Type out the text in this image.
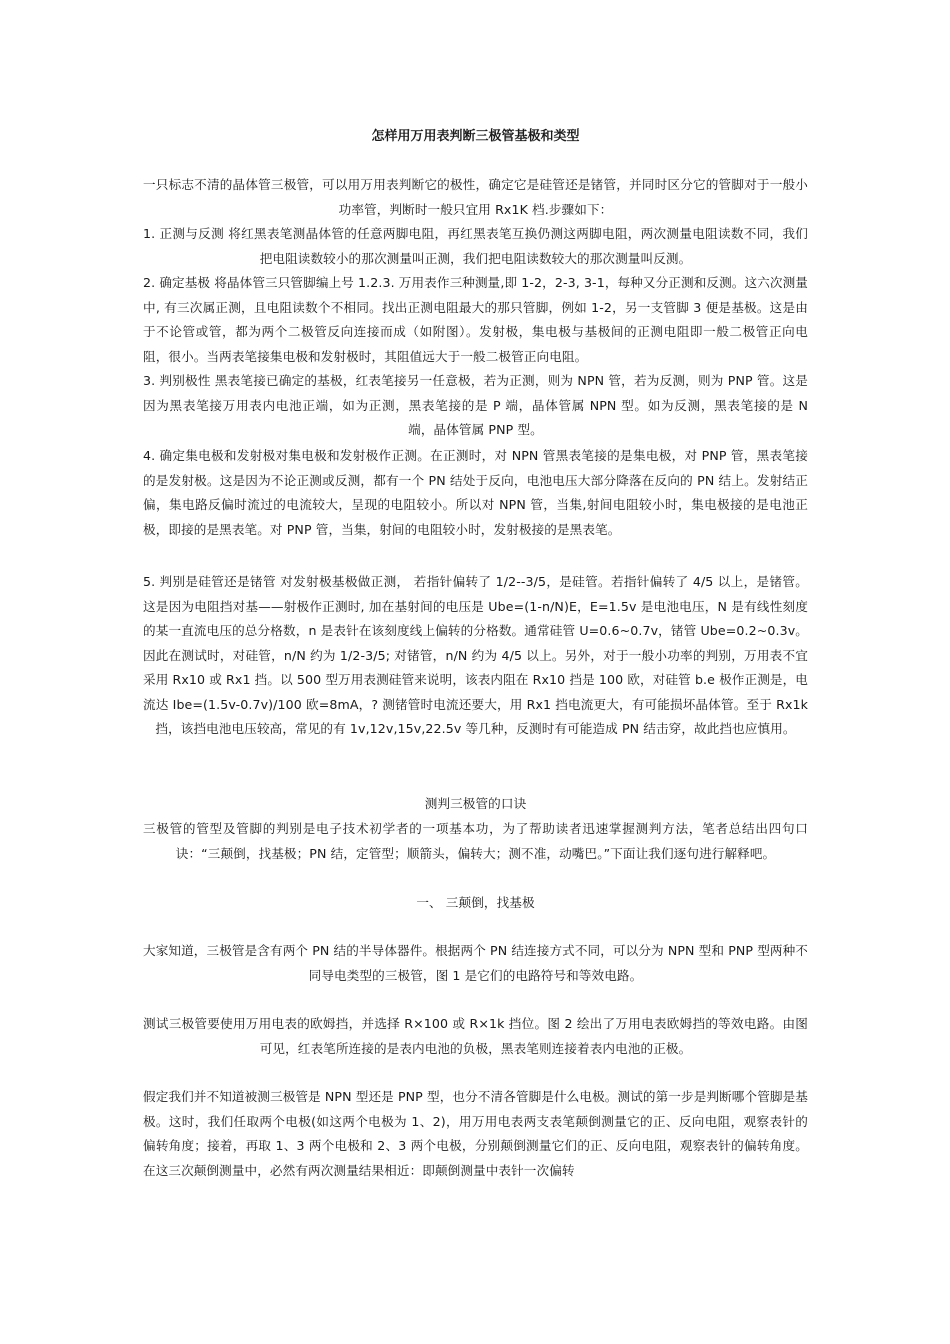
怎样用万用表判断三极管基极和类型
一只标志不清的晶体管三极管，可以用万用表判断它的极性，确定它是硅管还是锗管，并同时区分它的管脚对于一般小功率管，判断时一般只宜用 Rx1K 档.步骤如下：
1. 正测与反测 将红黑表笔测晶体管的任意两脚电阻，再红黑表笔互换仍测这两脚电阻，两次测量电阻读数不同，我们把电阻读数较小的那次测量叫正测，我们把电阻读数较大的那次测量叫反测。
2. 确定基极 将晶体管三只管脚编上号 1.2.3. 万用表作三种测量,即 1-2，2-3, 3-1，每种又分正测和反测。这六次测量中, 有三次属正测，且电阻读数个不相同。找出正测电阻最大的那只管脚，例如 1-2，另一支管脚 3 便是基极。这是由于不论管或管，都为两个二极管反向连接而成（如附图）。发射极，集电极与基极间的正测电阻即一般二极管正向电阻，很小。当两表笔接集电极和发射极时，其阻值远大于一般二极管正向电阻。
3. 判别极性 黑表笔接已确定的基极，红表笔接另一任意极，若为正测，则为 NPN 管，若为反测，则为 PNP 管。这是因为黑表笔接万用表内电池正端，如为正测，黑表笔接的是 P 端，晶体管属 NPN 型。如为反测，黑表笔接的是 N 端，晶体管属 PNP 型。
4. 确定集电极和发射极对集电极和发射极作正测。在正测时，对 NPN 管黑表笔接的是集电极，对 PNP 管，黑表笔接的是发射极。这是因为不论正测或反测，都有一个 PN 结处于反向，电池电压大部分降落在反向的 PN 结上。发射结正偏，集电路反偏时流过的电流较大，呈现的电阻较小。所以对 NPN 管，当集,射间电阻较小时，集电极接的是电池正极，即接的是黑表笔。对 PNP 管，当集，射间的电阻较小时，发射极接的是黑表笔。
5. 判别是硅管还是锗管 对发射极基极做正测， 若指针偏转了 1/2--3/5，是硅管。若指针偏转了 4/5 以上，是锗管。这是因为电阻挡对基——射极作正测时, 加在基射间的电压是 Ube=(1-n/N)E，E=1.5v 是电池电压，N 是有线性刻度的某一直流电压的总分格数，n 是表针在该刻度线上偏转的分格数。通常硅管 U=0.6~0.7v，锗管 Ube=0.2~0.3v。因此在测试时，对硅管，n/N 约为 1/2-3/5; 对锗管，n/N 约为 4/5 以上。另外，对于一般小功率的判别，万用表不宜采用 Rx10 或 Rx1 挡。以 500 型万用表测硅管来说明，该表内阻在 Rx10 挡是 100 欧，对硅管 b.e 极作正测是，电流达 Ibe=(1.5v-0.7v)/100 欧=8mA，? 测锗管时电流还要大，用 Rx1 挡电流更大，有可能损坏晶体管。至于 Rx1k 挡，该挡电池电压较高，常见的有 1v,12v,15v,22.5v 等几种，反测时有可能造成 PN 结击穿，故此挡也应慎用。
测判三极管的口诀
三极管的管型及管脚的判别是电子技术初学者的一项基本功，为了帮助读者迅速掌握测判方法，笔者总结出四句口诀：“三颠倒，找基极；PN 结，定管型；顺箭头，偏转大；测不准，动嘴巴。”下面让我们逐句进行解释吧。
一、 三颠倒，找基极
大家知道，三极管是含有两个 PN 结的半导体器件。根据两个 PN 结连接方式不同，可以分为 NPN 型和 PNP 型两种不同导电类型的三极管，图 1 是它们的电路符号和等效电路。
测试三极管要使用万用电表的欧姆挡，并选择 R×100 或 R×1k 挡位。图 2 绘出了万用电表欧姆挡的等效电路。由图可见，红表笔所连接的是表内电池的负极，黑表笔则连接着表内电池的正极。
假定我们并不知道被测三极管是 NPN 型还是 PNP 型，也分不清各管脚是什么电极。测试的第一步是判断哪个管脚是基极。这时，我们任取两个电极(如这两个电极为 1、2)，用万用电表两支表笔颠倒测量它的正、反向电阻，观察表针的偏转角度；接着，再取 1、3 两个电极和 2、3 两个电极，分别颠倒测量它们的正、反向电阻，观察表针的偏转角度。在这三次颠倒测量中，必然有两次测量结果相近：即颠倒测量中表针一次偏转
